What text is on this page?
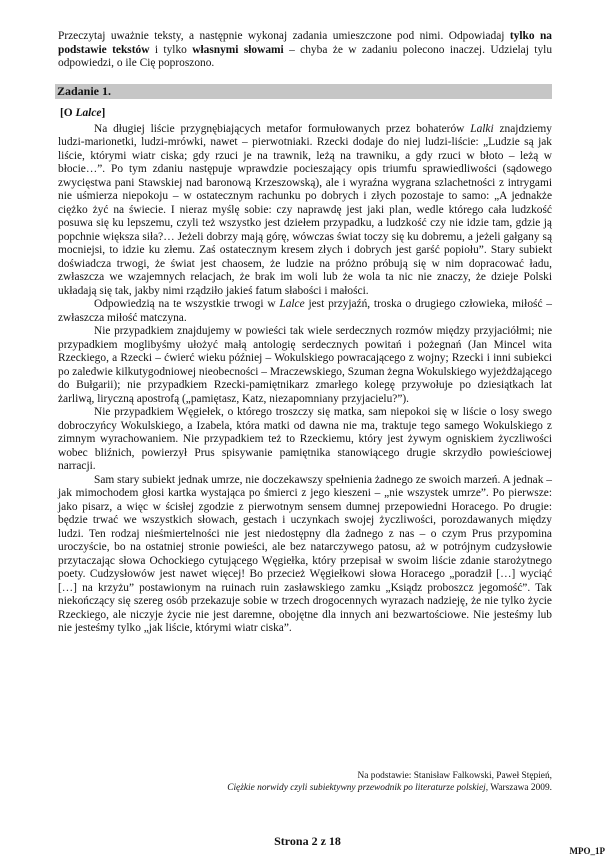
Przeczytaj uważnie teksty, a następnie wykonaj zadania umieszczone pod nimi. Odpowiadaj tylko na podstawie tekstów i tylko własnymi słowami – chyba że w zadaniu polecono inaczej. Udzielaj tylu odpowiedzi, o ile Cię poproszono.
Zadanie 1.
[O Lalce]

Na długiej liście przygnębiających metafor formułowanych przez bohaterów Lalki znajdziemy ludzi-marionetki, ludzi-mrówki, nawet – pierwotniaki. Rzecki dodaje do niej ludzi-liście: „Ludzie są jak liście, którymi wiatr ciska; gdy rzuci je na trawnik, leżą na trawniku, a gdy rzuci w błoto – leżą w błocie…”. Po tym zdaniu następuje wprawdzie pocieszający opis triumfu sprawiedliwości (sądowego zwycięstwa pani Stawskiej nad baronową Krzeszowską), ale i wyraźna wygrana szlachetności z intrygami nie uśmierza niepokoju – w ostatecznym rachunku po dobrych i złych pozostaje to samo: „A jednakże ciężko żyć na świecie. I nieraz myślę sobie: czy naprawdę jest jaki plan, wedle którego cała ludzkość posuwa się ku lepszemu, czyli też wszystko jest dziełem przypadku, a ludzkość czy nie idzie tam, gdzie ją popchnie większa siła?… Jeżeli dobrzy mają górę, wówczas świat toczy się ku dobremu, a jeżeli gałgany są mocniejsi, to idzie ku złemu. Zaś ostatecznym kresem złych i dobrych jest garść popiołu”. Stary subiekt doświadcza trwogi, że świat jest chaosem, że ludzie na próżno próbują się w nim dopracować ładu, zwłaszcza we wzajemnych relacjach, że brak im woli lub że wola ta nic nie znaczy, że dzieje Polski układają się tak, jakby nimi rządziło jakieś fatum słabości i małości.

Odpowiedzią na te wszystkie trwogi w Lalce jest przyjaźń, troska o drugiego człowieka, miłość – zwłaszcza miłość matczyna.

Nie przypadkiem znajdujemy w powieści tak wiele serdecznych rozmów między przyjaciółmi; nie przypadkiem moglibyśmy ułożyć małą antologię serdecznych powitań i pożegnań (Jan Mincel wita Rzeckiego, a Rzecki – ćwierć wieku później – Wokulskiego powracającego z wojny; Rzecki i inni subiekci po zaledwie kilkutygodniowej nieobecności – Mraczewskiego, Szuman żegna Wokulskiego wyjeżdżającego do Bułgarii); nie przypadkiem Rzecki-pamiętnikarz zmarłego kolegę przywołuje po dziesiątkach lat żarliwą, liryczną apostrofą („pamiętasz, Katz, niezapomniany przyjacielu?”).

Nie przypadkiem Węgiełek, o którego troszczy się matka, sam niepokoi się w liście o losy swego dobroczyńcy Wokulskiego, a Izabela, która matki od dawna nie ma, traktuje tego samego Wokulskiego z zimnym wyrachowaniem. Nie przypadkiem też to Rzeckiemu, który jest żywym ogniskiem życzliwości wobec bliźnich, powierzył Prus spisywanie pamiętnika stanowiącego drugie skrzydło powieściowej narracji.

Sam stary subiekt jednak umrze, nie doczekawszy spełnienia żadnego ze swoich marzeń. A jednak – jak mimochodem głosi kartka wystająca po śmierci z jego kieszeni – „nie wszystek umrze”. Po pierwsze: jako pisarz, a więc w ścisłej zgodzie z pierwotnym sensem dumnej przepowiedni Horacego. Po drugie: będzie trwać we wszystkich słowach, gestach i uczynkach swojej życzliwości, porozdawanych między ludzi. Ten rodzaj nieśmiertelności nie jest niedostępny dla żadnego z nas – o czym Prus przypomina uroczyście, bo na ostatniej stronie powieści, ale bez natarczywego patosu, aż w potrójnym cudzysłowie przytaczając słowa Ochockiego cytującego Węgiełka, który przepisał w swoim liście zdanie starożytnego poety. Cudzysłowów jest nawet więcej! Bo przecież Węgiełkowi słowa Horacego „poradził […] wyciąć […] na krzyżu” postawionym na ruinach ruin zasławskiego zamku „Ksiądz proboszcz jegomość”. Tak niekończący się szereg osób przekazuje sobie w trzech drogocennych wyrazach nadzieję, że nie tylko życie Rzeckiego, ale niczyje życie nie jest daremne, obojętne dla innych ani bezwartościowe. Nie jesteśmy lub nie jesteśmy tylko „jak liście, którymi wiatr ciska”.

Na podstawie: Stanisław Falkowski, Paweł Stępień,
Ciężkie norwidy czyli subiektywny przewodnik po literaturze polskiej, Warszawa 2009.
Strona 2 z 18
MPO_1P
